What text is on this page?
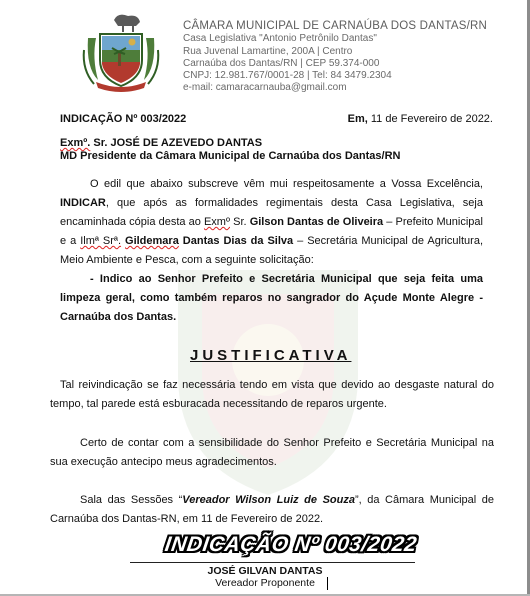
CÂMARA MUNICIPAL DE CARNAÚBA DOS DANTAS/RN
Casa Legislativa "Antonio Petrônilo Dantas"
Rua Juvenal Lamartine, 200A | Centro
Carnaúba dos Dantas/RN | CEP 59.374-000
CNPJ: 12.981.767/0001-28 | Tel: 84 3479.2304
e-mail: camaracarnauba@gmail.com
INDICAÇÃO Nº 003/2022	Em, 11 de Fevereiro de 2022.
Exmº. Sr. JOSÉ DE AZEVEDO DANTAS
MD Presidente da Câmara Municipal de Carnaúba dos Dantas/RN
O edil que abaixo subscreve vêm mui respeitosamente a Vossa Excelência, INDICAR, que após as formalidades regimentais desta Casa Legislativa, seja encaminhada cópia desta ao Exmº Sr. Gilson Dantas de Oliveira – Prefeito Municipal e a Ilmª Srª. Gildemara Dantas Dias da Silva – Secretária Municipal de Agricultura, Meio Ambiente e Pesca, com a seguinte solicitação:
- Indico ao Senhor Prefeito e Secretária Municipal que seja feita uma limpeza geral, como também reparos no sangrador do Açude Monte Alegre - Carnaúba dos Dantas.
JUSTIFICATIVA
Tal reivindicação se faz necessária tendo em vista que devido ao desgaste natural do tempo, tal parede está esburacada necessitando de reparos urgente.
Certo de contar com a sensibilidade do Senhor Prefeito e Secretária Municipal na sua execução antecipo meus agradecimentos.
Sala das Sessões “Vereador Wilson Luiz de Souza”, da Câmara Municipal de Carnaúba dos Dantas-RN, em 11 de Fevereiro de 2022.
INDICAÇÃO Nº 003/2022
JOSÉ GILVAN DANTAS
Vereador Proponente
